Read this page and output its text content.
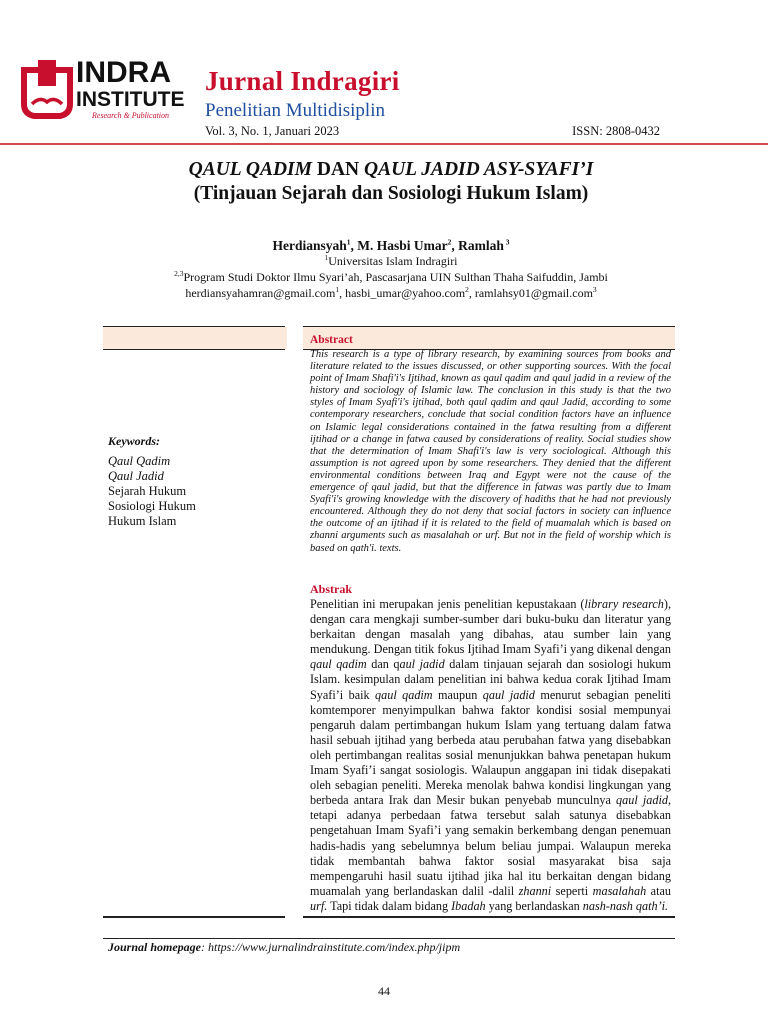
INDRA
INSTITUTE
Research & Publication
Jurnal Indragiri
Penelitian Multidisiplin
Vol. 3, No. 1, Januari 2023	ISSN: 2808-0432
QAUL QADIM DAN QAUL JADID ASY-SYAFI’I
(Tinjauan Sejarah dan Sosiologi Hukum Islam)
Herdiansyah$^1$, M. Hasbi Umar$^2$, Ramlah $^3$
$^1$Universitas Islam Indragiri
$^{2,3}$Program Studi Doktor Ilmu Syari’ah, Pascasarjana UIN Sulthan Thaha Saifuddin, Jambi
herdiansyahamran@gmail.com$^1$, hasbi_umar@yahoo.com$^2$, ramlahsy01@gmail.com$^3$
Keywords:
Qaul Qadim
Qaul Jadid
Sejarah Hukum
Sosiologi Hukum
Hukum Islam
Abstract

This research is a type of library research, by examining sources from books and literature related to the issues discussed, or other supporting sources. With the focal point of Imam Shafi'i's Ijtihad, known as qaul qadim and qaul jadid in a review of the history and sociology of Islamic law. The conclusion in this study is that the two styles of Imam Syafi'i's ijtihad, both qaul qadim and qaul Jadid, according to some contemporary researchers, conclude that social condition factors have an influence on Islamic legal considerations contained in the fatwa resulting from a different ijtihad or a change in fatwa caused by considerations of reality. Social studies show that the determination of Imam Shafi'i's law is very sociological. Although this assumption is not agreed upon by some researchers. They denied that the different environmental conditions between Iraq and Egypt were not the cause of the emergence of qaul jadid, but that the difference in fatwas was partly due to Imam Syafi'i's growing knowledge with the discovery of hadiths that he had not previously encountered. Although they do not deny that social factors in society can influence the outcome of an ijtihad if it is related to the field of muamalah which is based on zhanni arguments such as masalahah or urf. But not in the field of worship which is based on qath'i. texts.

Abstrak

Penelitian ini merupakan jenis penelitian kepustakaan (library research), dengan cara mengkaji sumber-sumber dari buku-buku dan literatur yang berkaitan dengan masalah yang dibahas, atau sumber lain yang mendukung. Dengan titik fokus Ijtihad Imam Syafi’i yang dikenal dengan qaul qadim dan qaul jadid dalam tinjauan sejarah dan sosiologi hukum Islam. kesimpulan dalam penelitian ini bahwa kedua corak Ijtihad Imam Syafi’i baik qaul qadim maupun qaul jadid menurut sebagian peneliti komtemporer menyimpulkan bahwa faktor kondisi sosial mempunyai pengaruh dalam pertimbangan hukum Islam yang tertuang dalam fatwa hasil sebuah ijtihad yang berbeda atau perubahan fatwa yang disebabkan oleh pertimbangan realitas sosial menunjukkan bahwa penetapan hukum Imam Syafi’i sangat sosiologis. Walaupun anggapan ini tidak disepakati oleh sebagian peneliti. Mereka menolak bahwa kondisi lingkungan yang berbeda antara Irak dan Mesir bukan penyebab munculnya qaul jadid, tetapi adanya perbedaan fatwa tersebut salah satunya disebabkan pengetahuan Imam Syafi’i yang semakin berkembang dengan penemuan hadis-hadis yang sebelumnya belum beliau jumpai. Walaupun mereka tidak membantah bahwa faktor sosial masyarakat bisa saja mempengaruhi hasil suatu ijtihad jika hal itu berkaitan dengan bidang muamalah yang berlandaskan dalil -dalil zhanni seperti masalahah atau urf. Tapi tidak dalam bidang Ibadah yang berlandaskan nash-nash qath’i.

Journal homepage: https://www.jurnalindrainstitute.com/index.php/jipm
44
